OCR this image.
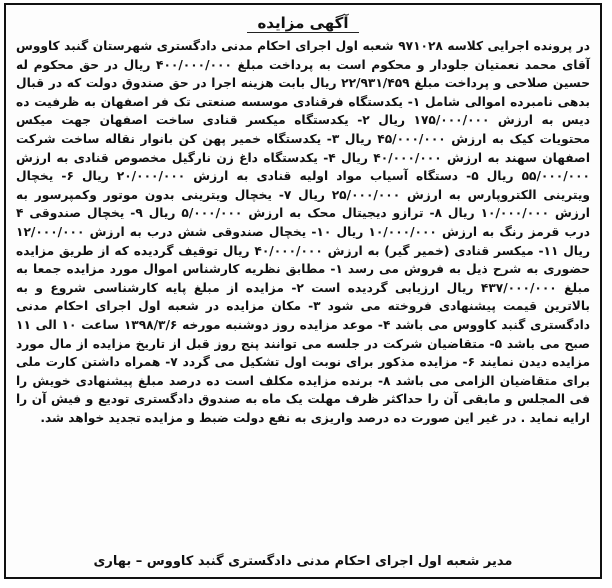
آگهی مزایده

در پرونده اجرایی کلاسه ۹۷۱۰۲۸ شعبه اول اجرای احکام مدنی دادگستری شهرستان گنبد کاووس آقای محمد نعمتیان جلودار و محکوم است به پرداخت مبلغ ۴۰۰/۰۰۰/۰۰۰ ریال در حق محکوم له حسین صلاحی و پرداخت مبلغ ۲۲/۹۳۱/۴۵۹ ریال بابت هزینه اجرا در حق صندوق دولت که در قبال بدهی نامبرده اموالی شامل ۱- یکدستگاه فرقنادی موسسه صنعتی تک فر اصفهان به ظرفیت ده دیس به ارزش ۱۷۵/۰۰۰/۰۰۰ ریال ۲- یکدستگاه میکسر قنادی ساخت اصفهان جهت میکس محتویات کیک به ارزش ۴۵/۰۰۰/۰۰۰ ریال ۳- یکدستگاه خمیر پهن کن بانوار نقاله ساخت شرکت اصفهان سهند به ارزش ۴۰/۰۰۰/۰۰۰ ریال ۴- یکدستگاه داغ زن نارگیل مخصوص قنادی به ارزش ۵۵/۰۰۰/۰۰۰ ریال ۵- دستگاه آسیاب مواد اولیه قنادی به ارزش ۲۰/۰۰۰/۰۰۰ ریال ۶- یخچال ویترینی الکتروپارس به ارزش ۲۵/۰۰۰/۰۰۰ ریال ۷- یخچال ویترینی بدون موتور وکمپرسور به ارزش ۱۰/۰۰۰/۰۰۰ ریال ۸- ترازو دیجیتال محک به ارزش ۵/۰۰۰/۰۰۰ ریال ۹- یخچال صندوقی ۴ درب قرمز رنگ به ارزش ۱۰/۰۰۰/۰۰۰ ریال ۱۰- یخچال صندوقی شش درب به ارزش ۱۲/۰۰۰/۰۰۰ ریال ۱۱- میکسر قنادی (خمیر گیر) به ارزش ۴۰/۰۰۰/۰۰۰ ریال توقیف گردیده که از طریق مزایده حضوری به شرح ذیل به فروش می رسد ۱- مطابق نظریه کارشناس اموال مورد مزایده جمعا به مبلغ ۴۳۷/۰۰۰/۰۰۰ ریال ارزیابی گردیده است ۲- مزایده از مبلغ پایه کارشناسی شروع و به بالاترین قیمت پیشنهادی فروخته می شود ۳- مکان مزایده در شعبه اول اجرای احکام مدنی دادگستری گنبد کاووس می باشد ۴- موعد مزایده روز دوشنبه مورخه ۱۳۹۸/۳/۶ ساعت ۱۰ الی ۱۱ صبح می باشد ۵- متقاضیان شرکت در جلسه می توانند پنج روز قبل از تاریخ مزایده از مال مورد مزایده دیدن نمایند ۶- مزایده مذکور برای نوبت اول تشکیل می گردد ۷- همراه داشتن کارت ملی برای متقاضیان الزامی می باشد ۸- برنده مزایده مکلف است ده درصد مبلغ پیشنهادی خویش را فی المجلس و مابقی آن را حداکثر ظرف مهلت یک ماه به صندوق دادگستری تودیع و فیش آن را ارایه نماید . در غیر این صورت ده درصد واریزی به نفع دولت ضبط و مزایده تجدید خواهد شد.

مدیر شعبه اول اجرای احکام مدنی دادگستری گنبد کاووس – بهاری
